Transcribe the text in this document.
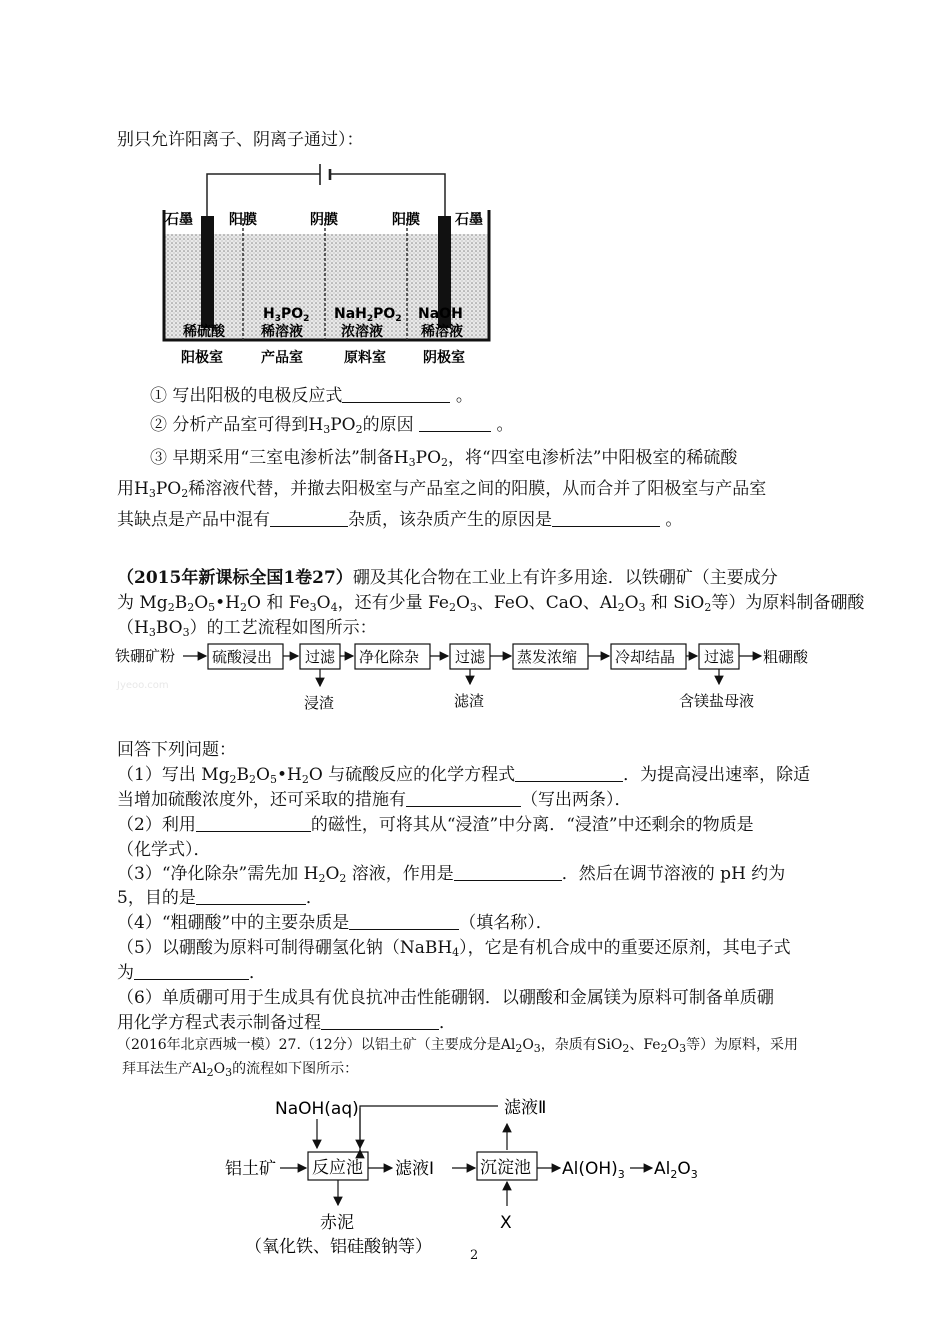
别只允许阳离子、阴离子通过）：
石墨	阳膜	阴膜	阳膜	石墨
$H_3PO_2$ $NaH_2PO_2$ NaOH
稀硫酸	稀溶液	浓溶液	稀溶液
阳极室	产品室	原料室	阴极室
① 写出阳极的电极反应式	。
② 分析产品室可得到$H_3PO_2$的原因	。
③ 早期采用“三室电渗析法”制备$H_3PO_2$，将“四室电渗析法”中阳极室的稀硫酸
用$H_3PO_2$稀溶液代替，并撤去阳极室与产品室之间的阳膜，从而合并了阳极室与产品室
其缺点是产品中混有	杂质，该杂质产生的原因是	。
（2015年新课标全国1卷27）硼及其化合物在工业上有许多用途．以铁硼矿（主要成分
为 $Mg_2B_2O_5•H_2O$ 和 $Fe_3O_4$，还有少量 $Fe_2O_3$、FeO、CaO、$Al_2O_3$ 和 SiO$_2$等）为原料制备硼酸
$(H_3BO_3)$的工艺流程如图所示：
铁硼矿粉 硫酸浸出 过滤 净化除杂 过滤 蒸发浓缩	冷却结晶 过滤 粗硼酸
浸渣	滤渣	含镁盐母液
Jyeoo.com
回答下列问题：
（1）写出 $Mg_2B_2O_5•H_2O$ 与硫酸反应的化学方程式	．为提高浸出速率，除适
当增加硫酸浓度外，还可采取的措施有	（写出两条）．
（2）利用	的磁性，可将其从“浸渣”中分离．“浸渣”中还剩余的物质是
（化学式）．
（3）“净化除杂”需先加 $H_2O_2$ 溶液，作用是	．然后在调节溶液的 pH 约为
5，目的是	．
（4）“粗硼酸”中的主要杂质是	（填名称）．
（5）以硼酸为原料可制得硼氢化钠（NaBH$_4$），它是有机合成中的重要还原剂，其电子式
为	．
（6）单质硼可用于生成具有优良抗冲击性能硼钢．以硼酸和金属镁为原料可制备单质硼
用化学方程式表示制备过程	．
（2016年北京西城一模）27.（12分）以铝土矿（主要成分是$Al_2O_3$，杂质有SiO$_2$、$Fe_2O_3$等）为原料，采用
拜耳法生产$Al_2O_3$的流程如下图所示：
NaOH(aq)	滤液Ⅱ
铝土矿 反应池 滤液Ⅰ	沉淀池 $Al(OH)_3$ $Al_2O_3$
赤泥
（氧化铁、铝硅酸钠等）
X
2
